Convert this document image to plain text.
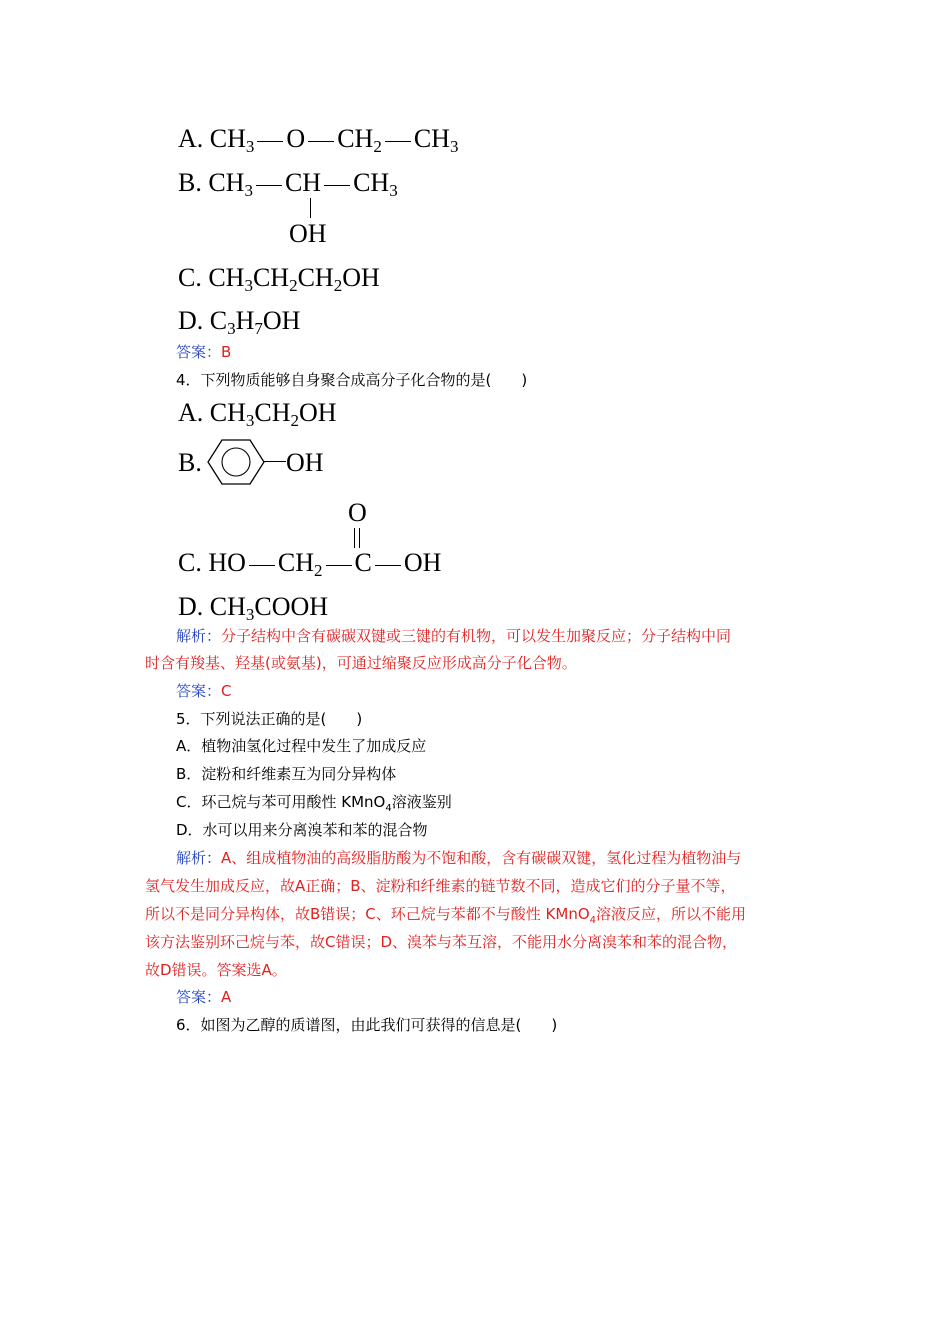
A. $CH_3$ O $CH_2$ $CH_3$
B. $CH_3$ CH $CH_3$
OH
C. $CH_3CH_2CH_2OH$
D. $C_3H_7OH$
答案：B
4．下列物质能够自身聚合成高分子化合物的是(　　)
A. $CH_3CH_2OH$
B.	OH
O
C. HO $CH_2$ C OH
D. $CH_3COOH$
解析：分子结构中含有碳碳双键或三键的有机物，可以发生加聚反应；分子结构中同
时含有羧基、羟基(或氨基)，可通过缩聚反应形成高分子化合物。
答案：C
5．下列说法正确的是(　　)
A．植物油氢化过程中发生了加成反应
B．淀粉和纤维素互为同分异构体
C．环己烷与苯可用酸性 KMnO$_4$溶液鉴别
D．水可以用来分离溴苯和苯的混合物
解析：A、组成植物油的高级脂肪酸为不饱和酸，含有碳碳双键，氢化过程为植物油与
氢气发生加成反应，故A正确；B、淀粉和纤维素的链节数不同，造成它们的分子量不等，
所以不是同分异构体，故B错误；C、环己烷与苯都不与酸性 KMnO$_4$溶液反应，所以不能用
该方法鉴别环己烷与苯，故C错误；D、溴苯与苯互溶，不能用水分离溴苯和苯的混合物，
故D错误。答案选A。
答案：A
6．如图为乙醇的质谱图，由此我们可获得的信息是(　　)
